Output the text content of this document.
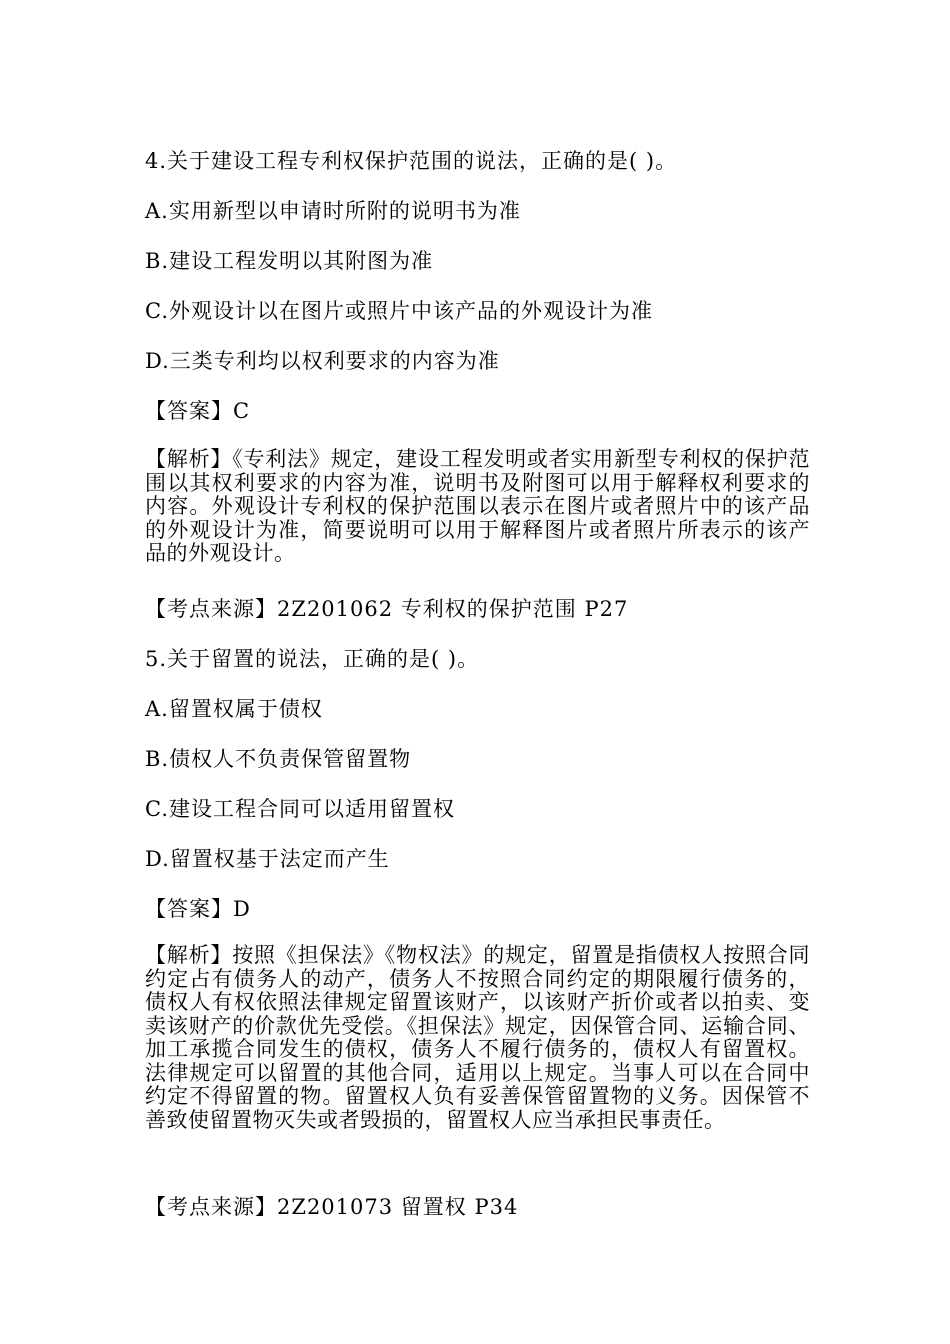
4.关于建设工程专利权保护范围的说法，正确的是( )。
A.实用新型以申请时所附的说明书为准
B.建设工程发明以其附图为准
C.外观设计以在图片或照片中该产品的外观设计为准
D.三类专利均以权利要求的内容为准
【答案】C
【解析】《专利法》规定，建设工程发明或者实用新型专利权的保护范围以其权利要求的内容为准，说明书及附图可以用于解释权利要求的内容。外观设计专利权的保护范围以表示在图片或者照片中的该产品的外观设计为准，简要说明可以用于解释图片或者照片所表示的该产品的外观设计。
【考点来源】2Z201062 专利权的保护范围 P27
5.关于留置的说法，正确的是( )。
A.留置权属于债权
B.债权人不负责保管留置物
C.建设工程合同可以适用留置权
D.留置权基于法定而产生
【答案】D
【解析】按照《担保法》《物权法》的规定，留置是指债权人按照合同约定占有债务人的动产，债务人不按照合同约定的期限履行债务的，债权人有权依照法律规定留置该财产，以该财产折价或者以拍卖、变卖该财产的价款优先受偿。《担保法》规定，因保管合同、运输合同、加工承揽合同发生的债权，债务人不履行债务的，债权人有留置权。法律规定可以留置的其他合同，适用以上规定。当事人可以在合同中约定不得留置的物。留置权人负有妥善保管留置物的义务。因保管不善致使留置物灭失或者毁损的，留置权人应当承担民事责任。
【考点来源】2Z201073 留置权 P34
